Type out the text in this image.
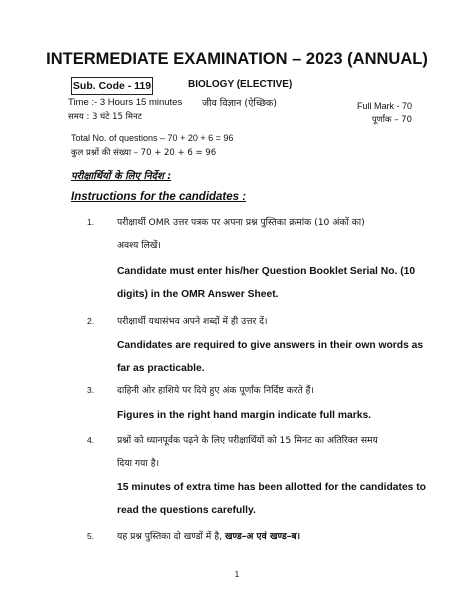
INTERMEDIATE EXAMINATION – 2023 (ANNUAL)
Sub. Code - 119	BIOLOGY (ELECTIVE)
जीव विज्ञान (ऐच्छिक)
Time :- 3 Hours 15 minutes
समय : 3 घंटे 15 मिनट
Full Mark - 70
पूर्णांक – 70
Total No. of questions – 70 + 20 + 6 = 96
कुल प्रश्नों की संख्या – 70 + 20 + 6 = 96
परीक्षार्थियों के लिए निर्देश :
Instructions for the candidates :
1. परीक्षार्थी OMR उत्तर पत्रक पर अपना प्रश्न पुस्तिका क्रमांक (10 अंकों का)
अवश्य लिखें।
Candidate must enter his/her Question Booklet Serial No. (10
digits) in the OMR Answer Sheet.
2. परीक्षार्थी यथासंभव अपने शब्दों में ही उत्तर दें।
Candidates are required to give answers in their own words as
far as practicable.
3. दाहिनी ओर हाशिये पर दिये हुए अंक पूर्णांक निर्दिष्ट करते हैं।
Figures in the right hand margin indicate full marks.
4. प्रश्नों को ध्यानपूर्वक पढ़ने के लिए परीक्षार्थियों को 15 मिनट का अतिरिक्त समय
दिया गया है।
15 minutes of extra time has been allotted for the candidates to
read the questions carefully.
5. यह प्रश्न पुस्तिका दो खण्डों में है, खण्ड–अ एवं खण्ड–ब।
1
